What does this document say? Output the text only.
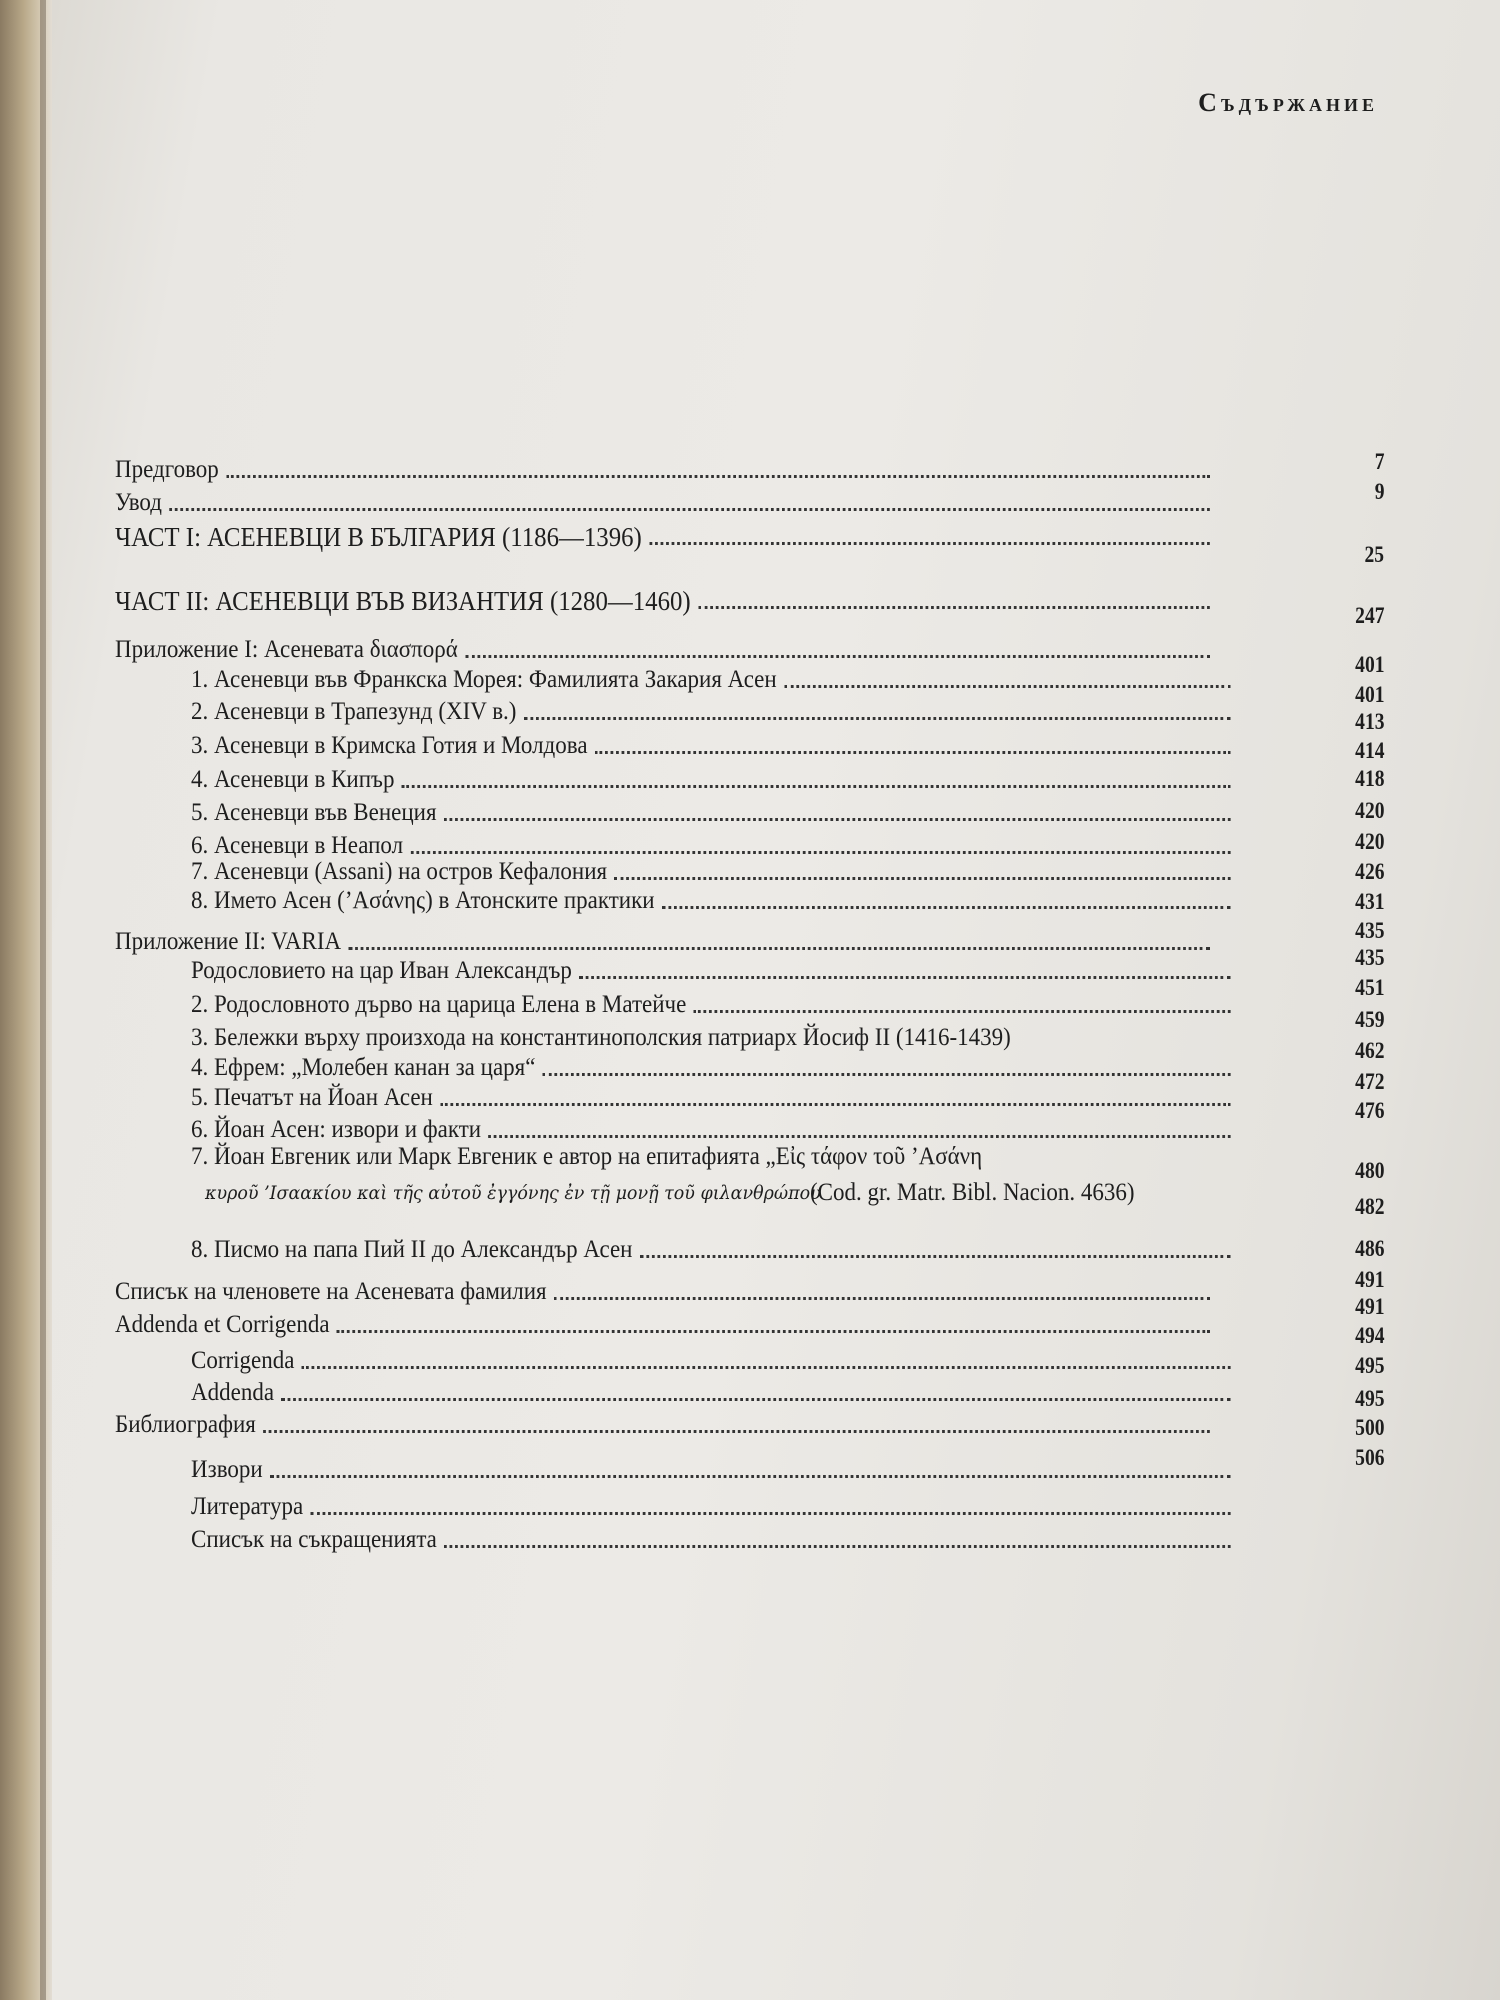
Съдържание
Предговор
Увод
ЧАСТ I: АСЕНЕВЦИ В БЪЛГАРИЯ (1186—1396)
ЧАСТ II: АСЕНЕВЦИ ВЪВ ВИЗАНТИЯ (1280—1460)
Приложение I: Асеневата διασπορά
1. Асеневци във Франкска Морея: Фамилията Закария Асен
2. Асеневци в Трапезунд (XIV в.)
3. Асеневци в Кримска Готия и Молдова
4. Асеневци в Кипър
5. Асеневци във Венеция
6. Асеневци в Неапол
7. Асеневци (Assani) на остров Кефалония
8. Името Асен (’Ασάνης) в Атонските практики
Приложение II: VARIA
Родословието на цар Иван Александър
2. Родословното дърво на царица Елена в Матейче
3. Бележки върху произхода на константинополския патриарх Йосиф II (1416-1439)
4. Ефрем: „Молебен канан за царя“
5. Печатът на Йоан Асен
6. Йоан Асен: извори и факти
7. Йоан Евгеник или Марк Евгеник е автор на епитафията „Εἰς τάφον τοῦ ’Ασάνη
κυροῦ ’Ισαακίου καὶ τῆς αὐτοῦ ἐγγόνης ἐν τῇ μονῇ τοῦ φιλανθρώπου
(Cod. gr. Matr. Bibl. Nacion. 4636)
8. Писмо на папа Пий II до Александър Асен
Списък на членовете на Асеневата фамилия
Addenda et Corrigenda
Corrigenda
Addenda
Библиография
Извори
Литература
Списък на съкращенията
7
9
25
247
401
401
413
414
418
420
420
426
431
435
435
451
459
462
472
476
480
482
486
491
491
494
495
495
500
506
